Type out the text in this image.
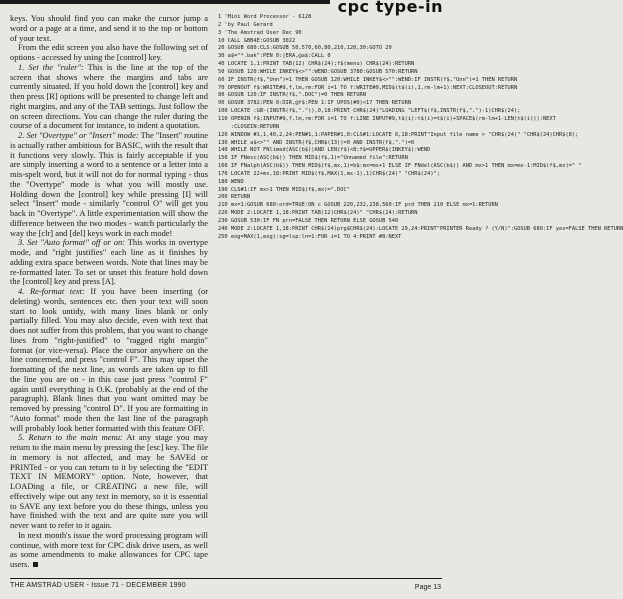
cpc type-in

keys. You should find you can make the cursor jump a word or a page at a time, and send it to the top or bottom of your text.

From the edit screen you also have the following set of options - accessed by using the [control] key.

1. Set the "ruler": This is the line at the top of the screen that shows where the margins and tabs are currently situated. If you hold down the [control] key and then press [R] options will be presented to change left and right margins, and any of the TAB settings. Just follow the on screen directions. You can change the ruler during the course of a document for instance, to indent a quotation.

2. Set "Overtype" or "Insert" mode: The "Insert" routine is actually rather ambitious for BASIC, with the result that it functions very slowly. This is fairly acceptable if you are simply inserting a word to a sentence or a letter into a mis-spelt word, but it will not do for normal typing - thus the "Overtype" mode is what you will mostly use. Holding down the [control] key while pressing [I] will select "Insert" mode - similarly "control O" will get you back in "Overtype". A little experimentation will show the difference between the two modes - watch particularly the way the [clr] and [del] keys work in each mode!

3. Set "Auto format" off or on: This works in overtype mode, and "right justifies" each line as it finishes by adding extra space between words. Note that lines may be re-formatted later. To set or unset this feature hold down the [control] key and press [A].

4. Re-format text: If you have been inserting (or deleting) words, sentences etc. then your text will soon start to look untidy, with many lines blank or only partially filled. You may also decide, even with text that does not suffer from this problem, that you want to change lines from "right-justified" to "ragged right margin" format (or vice-versa). Place the cursor anywhere on the line concerned, and press "control F". This may upset the formatting of the next line, as words are taken up to fill the line you are on - in this case just press "control F" again until everything is O.K. (probably at the end of the paragraph). Blank lines that you want omitted may be removed by pressing "control D". If you are formatting in "Auto format" mode then the last line of the paragraph will probably look better formatted with this feature OFF.

5. Return to the main menu: At any stage you may return to the main menu by pressing the [esc] key. The file in memory is not affected, and may be SAVEd or PRINTed - or you can return to it by selecting the "EDIT TEXT IN MEMORY" option. Note, however, that LOADing a file, or CREATING a new file, will effectively wipe out any text in memory, so it is essential to SAVE any text before you do these things, unless you have finished with the text and are quite sure you will never want to refer to it again.

In next month's issue the word processing program will continue, with more text for CPC disk drive users, as well as some amendments to make allowances for CPC tape users.

1 'Mini Word Processor - 6128
2 'by Paul Gerard
3 'The Amstrad User Dec 90
10 CALL &BB4E:GOSUB 3022
20 GOSUB 680:CLS:GOSUB 50,570,60,80,210,120,30:GOTO 20
30 a$="*.bak":PEN 0:|ERA,@a$:CALL 0
40 LOCATE 1,1:PRINT TAB(12) CHR$(24);f$(menu) CHR$(24):RETURN
50 GOSUB 120:WHILE INKEY$<>"":WEND:GOSUB 3780:GOSUB 570:RETURN
60 IF INSTR(f$,"Unn")=1 THEN GOSUB 120:WHILE INKEY$<>"":WEND:IF INSTR(f$,"Unn")=1 THEN RETURN
70 OPENOUT f$:WRITE#9,f,lm,rm:FOR i=1 TO f:WRITE#9,MID$(t$(i),1,rm-lm+1):NEXT:CLOSEOUT:RETURN
80 GOSUB 120:IF INSTR(f$,".DOC")=0 THEN RETURN
90 GOSUB 3782:PEN 0:DIR,@f$:PEN 1:IF UPOS(#0)<17 THEN RETURN
100 LOCATE :GB-(INSTR(f$,".")),0,18:PRINT CHR$(24)"LOADING "LEFT$(f$,INSTR(f$,".")-1)CHR$(24);
110 OPENIN f$:INPUT#9,f,lm,rm:FOR i=1 TO f:LINE INPUT#9,t$(i):t$(i)=t$(i)+SPACE$(rm-lm+1-LEN(t$(i))):NEXT
:CLOSEIN:RETURN
120 WINDOW #1,1,40,2,24:PEN#1,1:PAPER#1,0:CLS#1:LOCATE 6,18:PRINT"Input file name > "CHR$(24)" "CHR$(24)CHR$(8);
130 WHILE a$<>"" AND INSTR(f$,CHR$(13))=0 AND INSTR(f$,".")=0
140 WHILE NOT FNlimed(ASC(b$))AND LEN(f$)<8:f$=UPPER$(INKEY$):WEND
150 IF FNesc(ASC(b$)) THEN MID$(f$,1)="Unnamed file":RETURN
160 IF FNalph(ASC(b$)) THEN MID$(f$,mx,1)=b$:mx=mx+1 ELSE IF FNdel(ASC(b$)) AND mx>1 THEN mx=mx-1:MID$(f$,mx)=" "
170 LOCATE 22+mx,18:PRINT MID$(f$,MAX(1,mx-1),1)CHR$(24)" "CHR$(24)";
180 WEND
190 CLS#1:IF mx>1 THEN MID$(f$,mx)=".DOC"
200 RETURN
210 mx=1:GOSUB 680:ord=TRUE:ON c GOSUB 220,232,238,560:IF prd THEN 210 ELSE mx=1:RETURN
220 MODE 2:LOCATE 1,18:PRINT TAB(12)CHR$(24)" "CHR$(24):RETURN
230 GOSUB 530:IF FN prn=FALSE THEN RETURN ELSE GOSUB 540
240 MODE 2:LOCATE 1,18:PRINT CHR$(24)prg$CHR$(24):LOCATE 29,24:PRINT"PRINTER Ready ? (Y/N)":GOSUB 680:IF yes=FALSE THEN RETURN
250 eog=MAX(1,eog):sg=lsp:ln=1:FOR i=1 TO 4:PRINT #8:NEXT
THE AMSTRAD USER - Issue 71 - DECEMBER 1990	Page 13
